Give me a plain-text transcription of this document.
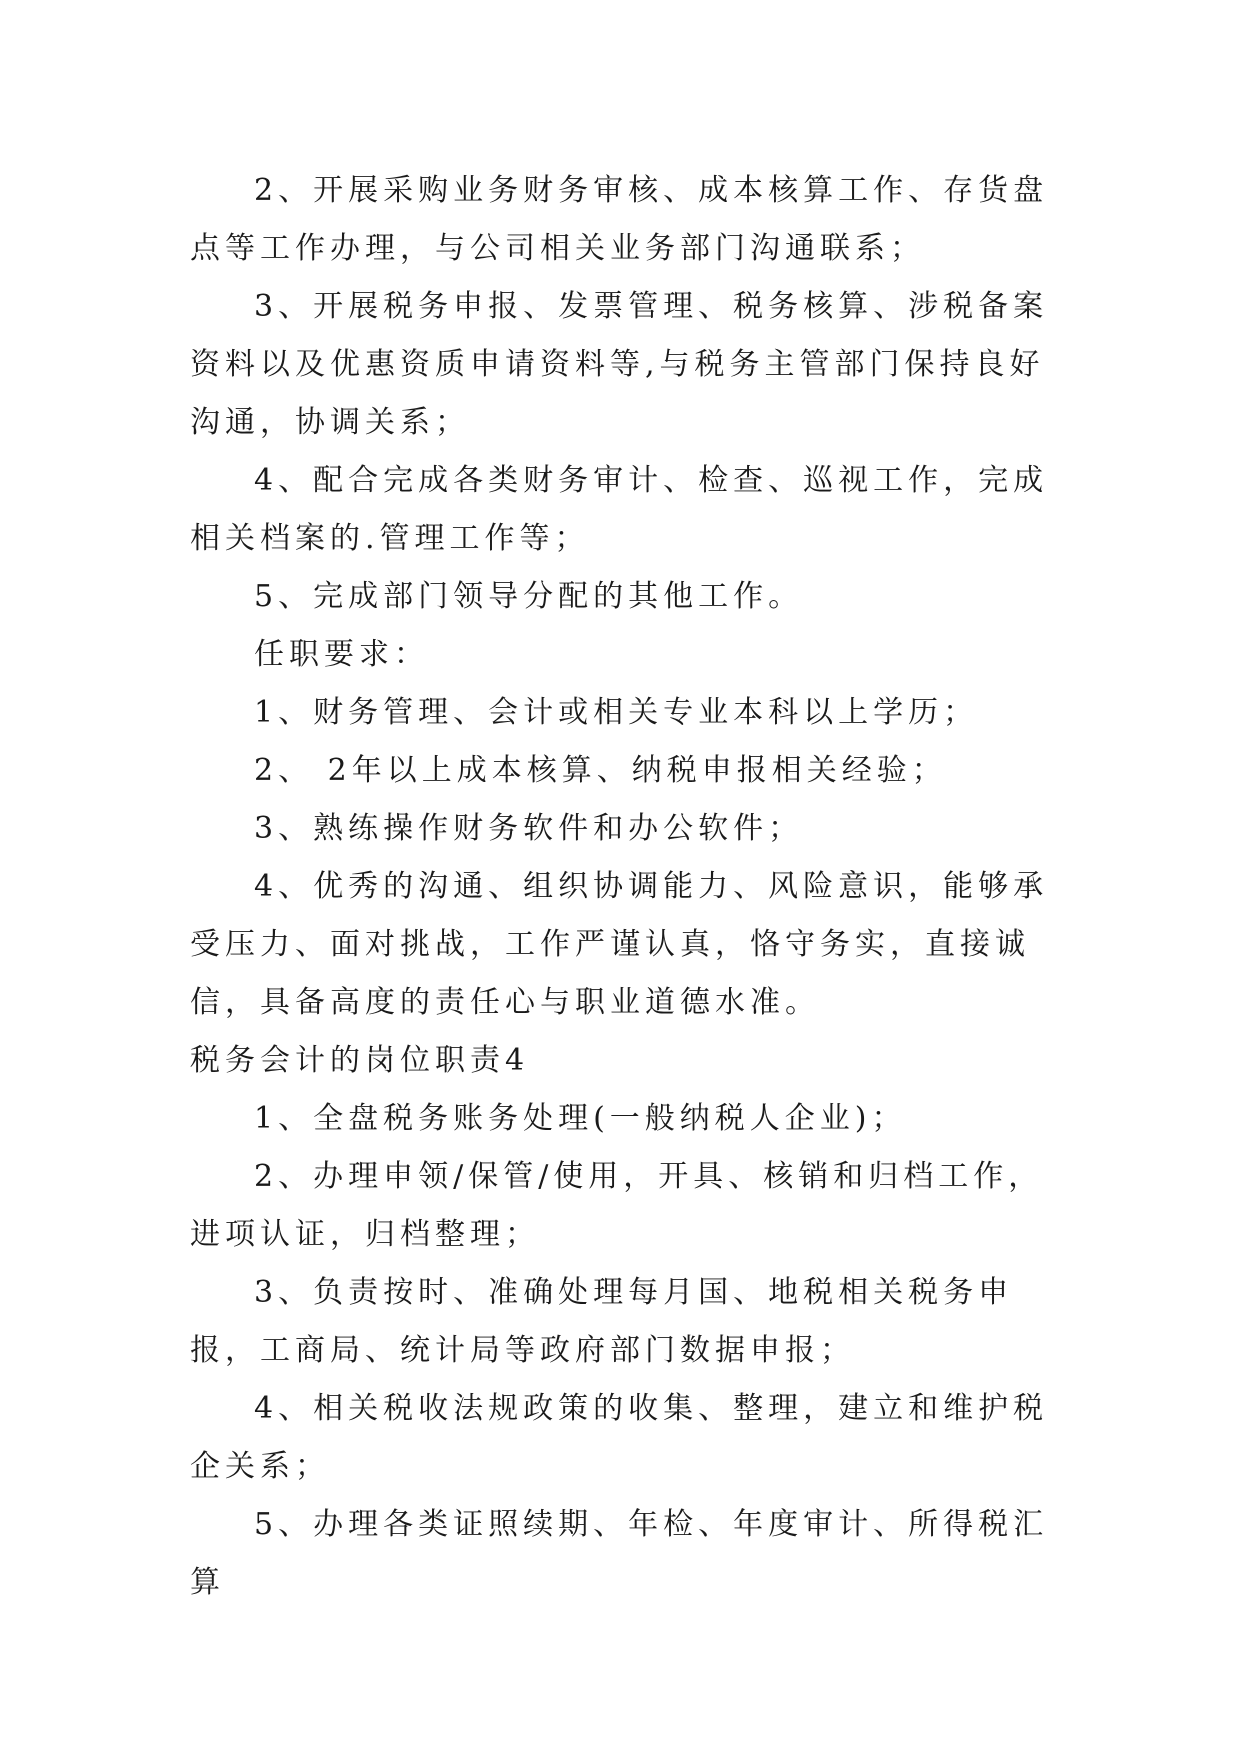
2、开展采购业务财务审核、成本核算工作、存货盘点等工作办理，与公司相关业务部门沟通联系；

3、开展税务申报、发票管理、税务核算、涉税备案资料以及优惠资质申请资料等,与税务主管部门保持良好沟通，协调关系；

4、配合完成各类财务审计、检查、巡视工作，完成相关档案的.管理工作等；

5、完成部门领导分配的其他工作。

任职要求：

1、财务管理、会计或相关专业本科以上学历；

2、 2年以上成本核算、纳税申报相关经验；

3、熟练操作财务软件和办公软件；

4、优秀的沟通、组织协调能力、风险意识，能够承受压力、面对挑战，工作严谨认真，恪守务实，直接诚信，具备高度的责任心与职业道德水准。

税务会计的岗位职责4

1、全盘税务账务处理(一般纳税人企业)；

2、办理申领/保管/使用，开具、核销和归档工作，进项认证，归档整理；

3、负责按时、准确处理每月国、地税相关税务申报，工商局、统计局等政府部门数据申报；

4、相关税收法规政策的收集、整理，建立和维护税企关系；

5、办理各类证照续期、年检、年度审计、所得税汇算
